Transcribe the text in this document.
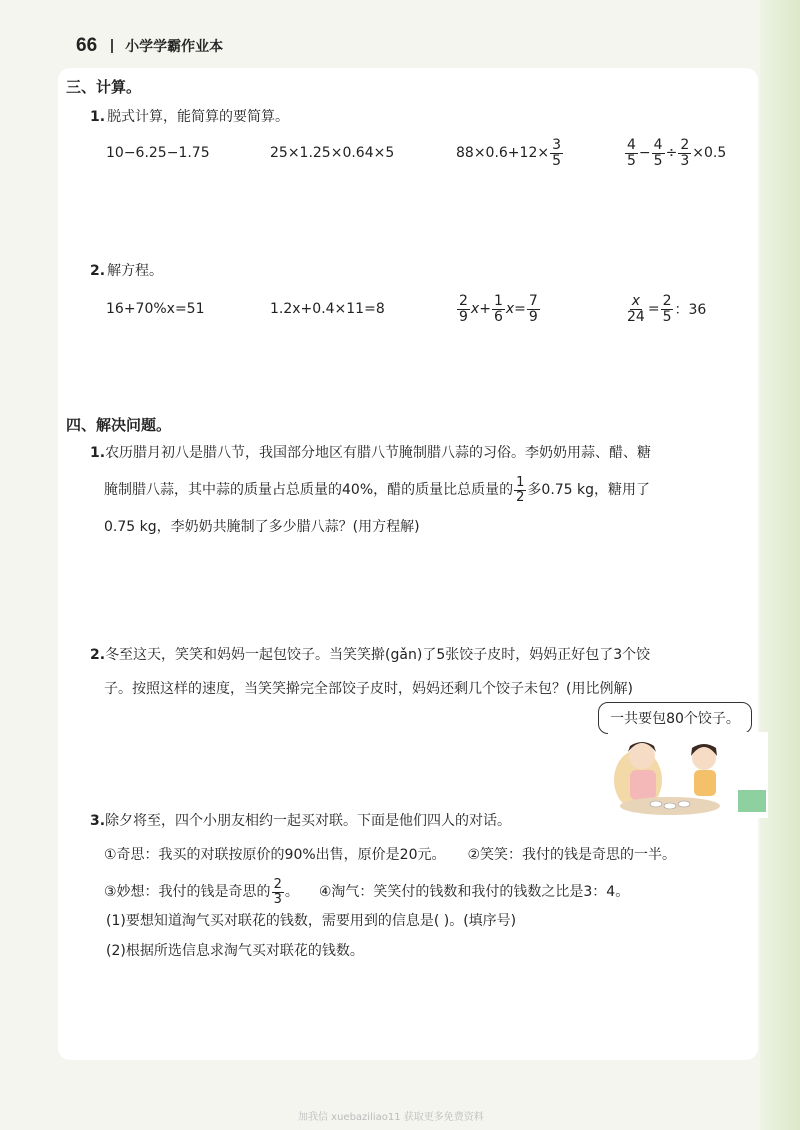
66 小学学霸作业本
三、计算。
1. 脱式计算，能简算的要简算。
10−6.25−1.75	25×1.25×0.64×5	$88\times 0.6+12\times \frac{3}{5}$	$\frac{4}{5} - \frac{4}{5} \div \frac{2}{3} \times 0.5$
2. 解方程。
16+70%x=51	1.2x+0.4×11=8	$\frac{2}{9} x+ \frac{1}{6} x= \frac{7}{9}$	$\frac{x}{24} = \frac{2}{5}$ ：36
四、解决问题。
1.农历腊月初八是腊八节，我国部分地区有腊八节腌制腊八蒜的习俗。李奶奶用蒜、醋、糖
腌制腊八蒜，其中蒜的质量占总质量的40%，醋的质量比总质量的 $\frac{1}{2}$ 多0.75 kg，糖用了
0.75 kg，李奶奶共腌制了多少腊八蒜？(用方程解)
2.冬至这天，笑笑和妈妈一起包饺子。当笑笑擀(gǎn)了5张饺子皮时，妈妈正好包了3个饺
子。按照这样的速度，当笑笑擀完全部饺子皮时，妈妈还剩几个饺子未包？(用比例解)
一共要包80个饺子。
3.除夕将至，四个小朋友相约一起买对联。下面是他们四人的对话。
①奇思：我买的对联按原价的90%出售，原价是20元。 ②笑笑：我付的钱是奇思的一半。
③妙想：我付的钱是奇思的 $\frac{2}{3}$ 。 ④淘气：笑笑付的钱数和我付的钱数之比是3：4。
(1)要想知道淘气买对联花的钱数，需要用到的信息是( )。(填序号)
(2)根据所选信息求淘气买对联花的钱数。
加我信 xuebaziliao11 获取更多免费资料
